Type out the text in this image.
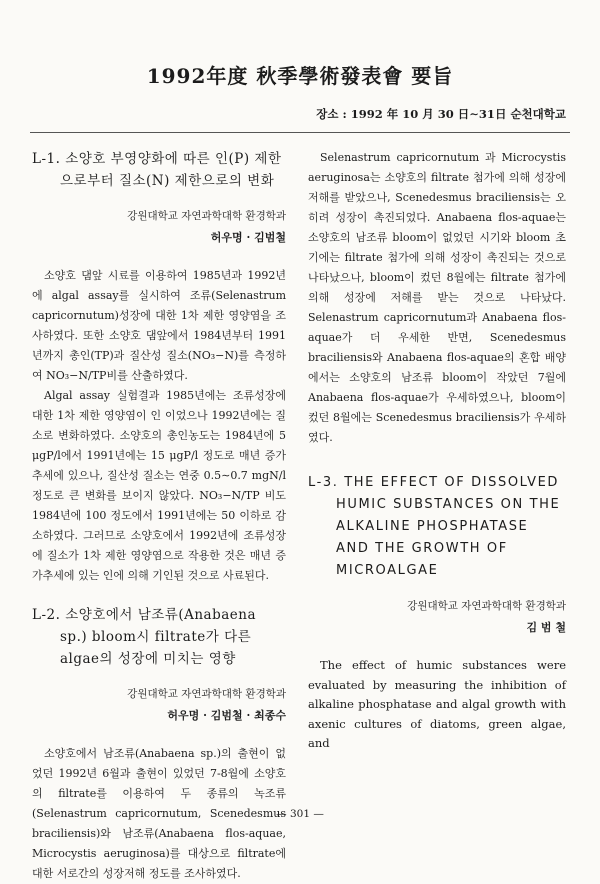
1992年度 秋季學術發表會 要旨
장소 : 1992 年 10 月 30 日∼31日 순천대학교

L-1. 소양호 부영양화에 따른 인(P) 제한으로부터 질소(N) 제한으로의 변화

강원대학교 자연과학대학 환경학과
허우명 · 김범철

소양호 댐앞 시료를 이용하여 1985년과 1992년에 algal assay를 실시하여 조류(Selenastrum capricornutum)성장에 대한 1차 제한 영양염을 조사하였다. 또한 소양호 댐앞에서 1984년부터 1991년까지 총인(TP)과 질산성 질소(NO₃−N)를 측정하여 NO₃−N/TP비를 산출하였다.

Algal assay 실험결과 1985년에는 조류성장에 대한 1차 제한 영양염이 인 이었으나 1992년에는 질소로 변화하였다. 소양호의 총인농도는 1984년에 5 μgP/l에서 1991년에는 15 μgP/l 정도로 매년 증가 추세에 있으나, 질산성 질소는 연중 0.5∼0.7 mgN/l 정도로 큰 변화를 보이지 않았다. NO₃−N/TP 비도 1984년에 100 정도에서 1991년에는 50 이하로 감소하였다. 그러므로 소양호에서 1992년에 조류성장에 질소가 1차 제한 영양염으로 작용한 것은 매년 증가추세에 있는 인에 의해 기인된 것으로 사료된다.

L-2. 소양호에서 남조류(Anabaena sp.) bloom시 filtrate가 다른 algae의 성장에 미치는 영향

강원대학교 자연과학대학 환경학과
허우명 · 김범철 · 최종수

소양호에서 남조류(Anabaena sp.)의 출현이 없었던 1992년 6월과 출현이 있었던 7-8월에 소양호의 filtrate를 이용하여 두 종류의 녹조류(Selenastrum capricornutum, Scenedesmus braciliensis)와 남조류(Anabaena flos-aquae, Microcystis aeruginosa)를 대상으로 filtrate에 대한 서로간의 성장저해 정도를 조사하였다.

Selenastrum capricornutum 과 Microcystis aeruginosa는 소양호의 filtrate 첨가에 의해 성장에 저해를 받았으나, Scenedesmus braciliensis는 오히려 성장이 촉진되었다. Anabaena flos-aquae는 소양호의 남조류 bloom이 없었던 시기와 bloom 초기에는 filtrate 첨가에 의해 성장이 촉진되는 것으로 나타났으나, bloom이 컸던 8월에는 filtrate 첨가에 의해 성장에 저해를 받는 것으로 나타났다. Selenastrum capricornutum과 Anabaena flos-aquae가 더 우세한 반면, Scenedesmus braciliensis와 Anabaena flos-aquae의 혼합 배양에서는 소양호의 남조류 bloom이 작았던 7월에 Anabaena flos-aquae가 우세하였으나, bloom이 컸던 8월에는 Scenedesmus braciliensis가 우세하였다.

L-3. THE EFFECT OF DISSOLVED HUMIC SUBSTANCES ON THE ALKALINE PHOSPHATASE AND THE GROWTH OF MICROALGAE

강원대학교 자연과학대학 환경학과
김 범 철

The effect of humic substances were evaluated by measuring the inhibition of alkaline phosphatase and algal growth with axenic cultures of diatoms, green algae, and

— 301 —
